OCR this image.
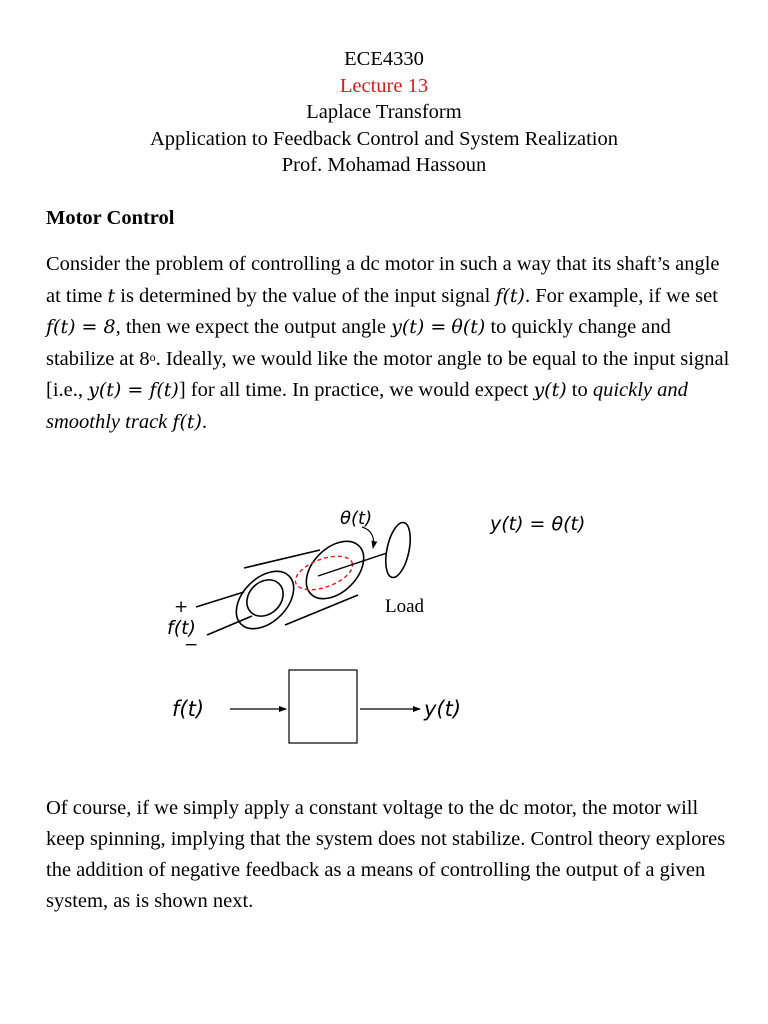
ECE4330
Lecture 13
Laplace Transform
Application to Feedback Control and System Realization
Prof. Mohamad Hassoun
Motor Control
Consider the problem of controlling a dc motor in such a way that its shaft’s angle at time t is determined by the value of the input signal f(t). For example, if we set f(t) = 8, then we expect the output angle y(t) = θ(t) to quickly change and stabilize at 8$^o$. Ideally, we would like the motor angle to be equal to the input signal [i.e., y(t) = f(t)] for all time. In practice, we would expect y(t) to quickly and smoothly track f(t).
θ(t)	y(t) = θ(t)
Load
+
f(t)
−
f(t)	y(t)
Of course, if we simply apply a constant voltage to the dc motor, the motor will keep spinning, implying that the system does not stabilize. Control theory explores the addition of negative feedback as a means of controlling the output of a given system, as is shown next.
